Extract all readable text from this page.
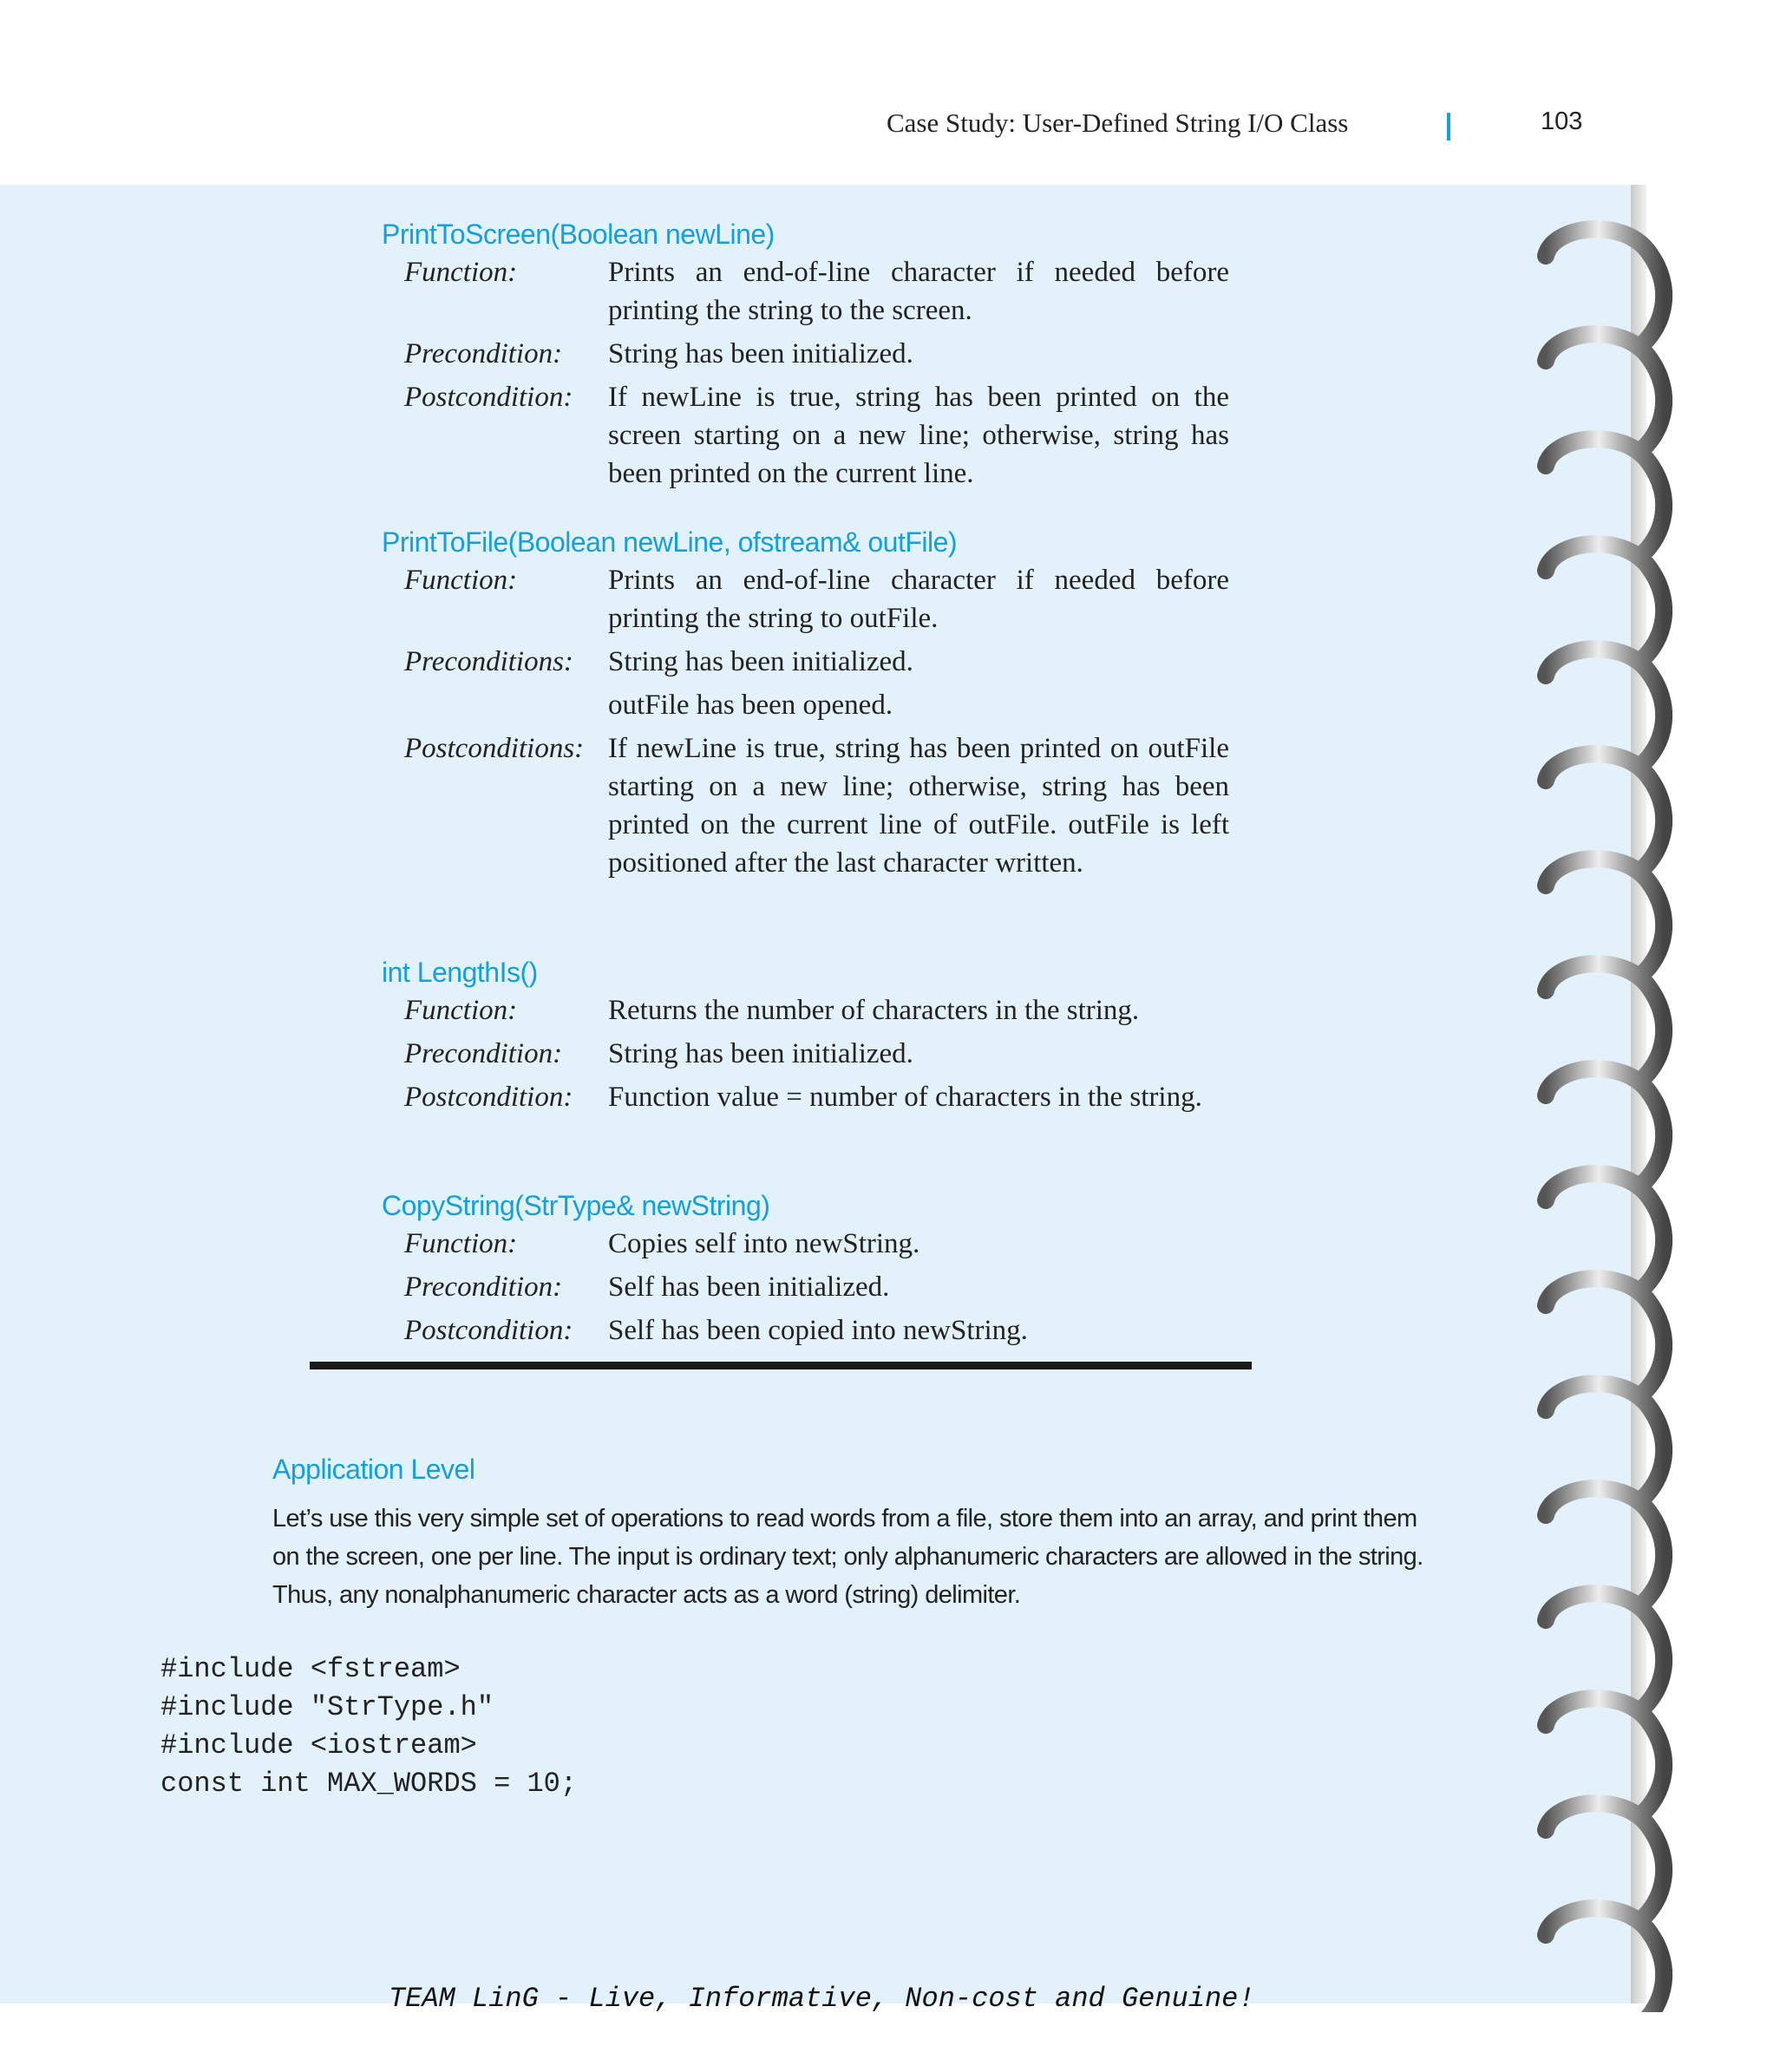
Case Study: User-Defined String I/O Class	103
PrintToScreen(Boolean newLine)
Function:	Prints an end-of-line character if needed before printing the string to the screen.
Precondition:	String has been initialized.
Postcondition:	If newLine is true, string has been printed on the screen starting on a new line; otherwise, string has been printed on the current line.
PrintToFile(Boolean newLine, ofstream& outFile)
Function:	Prints an end-of-line character if needed before printing the string to outFile.
Preconditions:	String has been initialized.
outFile has been opened.
Postconditions: If newLine is true, string has been printed on outFile starting on a new line; otherwise, string has been printed on the current line of outFile. outFile is left positioned after the last character written.
int LengthIs()
Function:	Returns the number of characters in the string.
Precondition:	String has been initialized.
Postcondition:	Function value = number of characters in the string.
CopyString(StrType& newString)
Function:	Copies self into newString.
Precondition:	Self has been initialized.
Postcondition:	Self has been copied into newString.
Application Level
Let’s use this very simple set of operations to read words from a file, store them into an array, and print them on the screen, one per line. The input is ordinary text; only alphanumeric characters are allowed in the string. Thus, any nonalphanumeric character acts as a word (string) delimiter.
#include <fstream>
#include "StrType.h"
#include <iostream>
const int MAX_WORDS = 10;
TEAM LinG - Live, Informative, Non-cost and Genuine!
